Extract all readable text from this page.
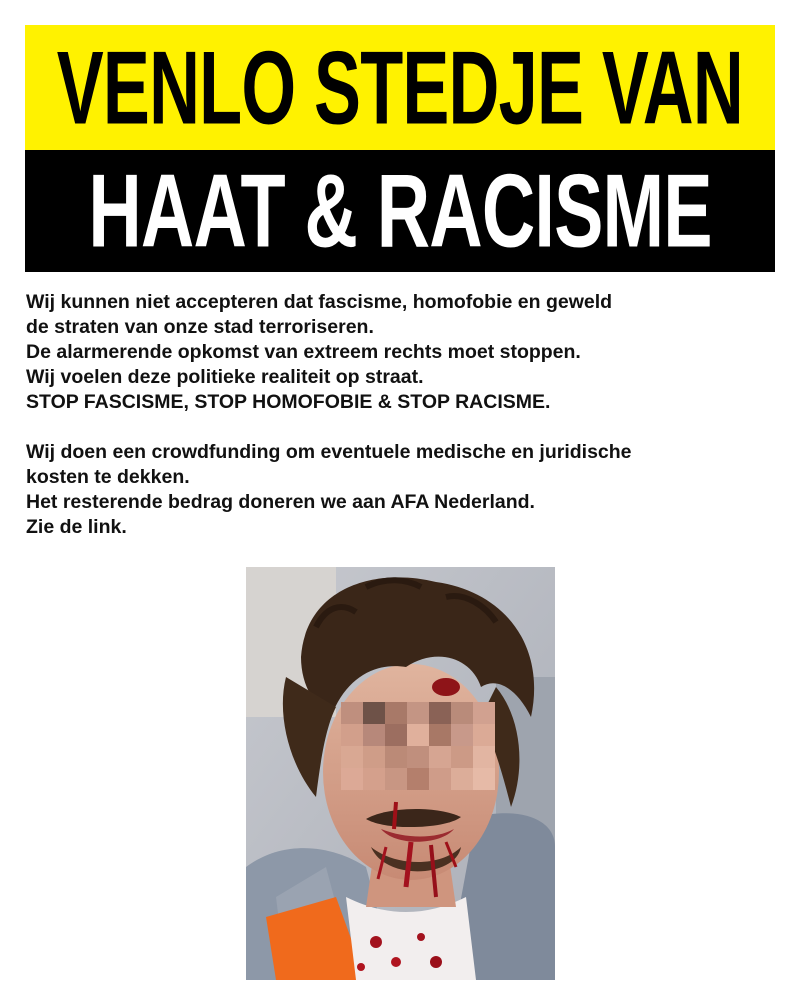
VENLO STEDJE VAN
HAAT & RACISME

Wij kunnen niet accepteren dat fascisme, homofobie en geweld

de straten van onze stad terroriseren.

De alarmerende opkomst van extreem rechts moet stoppen.

Wij voelen deze politieke realiteit op straat.

STOP FASCISME, STOP HOMOFOBIE & STOP RACISME.

Wij doen een crowdfunding om eventuele medische en juridische

kosten te dekken.

Het resterende bedrag doneren we aan AFA Nederland.

Zie de link.
